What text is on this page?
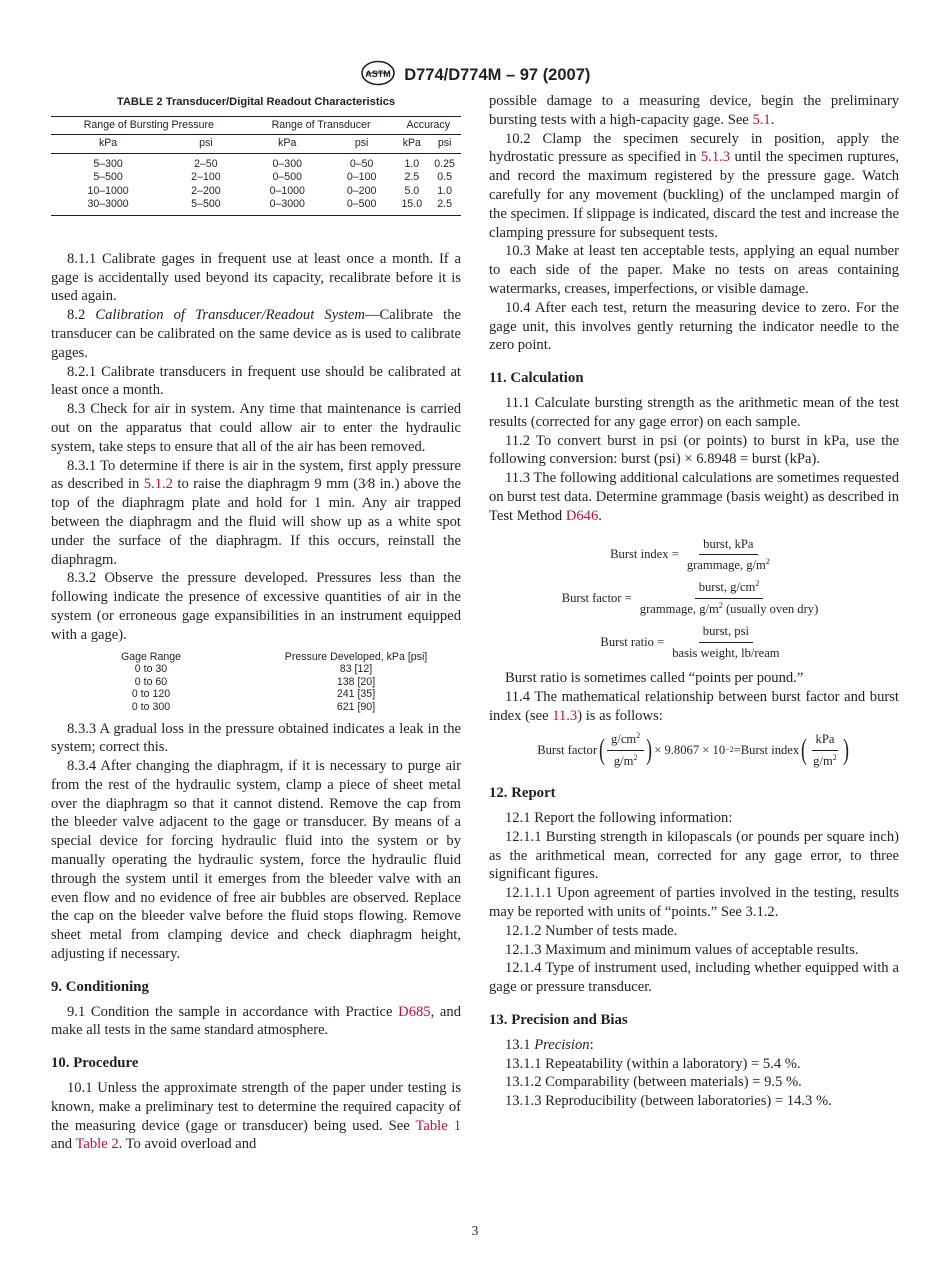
ASTM D774/D774M – 97 (2007)
TABLE 2 Transducer/Digital Readout Characteristics
Range of Bursting Pressure		Range of Transducer		Accuracy	
kPa	psi	kPa	psi	kPa	psi
5–300	2–50	0–300	0–50	1.0	0.25
5–500	2–100	0–500	0–100	2.5	0.5
10–1000	2–200	0–1000	0–200	5.0	1.0
30–3000	5–500	0–3000	0–500	15.0	2.5

8.1.1 Calibrate gages in frequent use at least once a month. If a gage is accidentally used beyond its capacity, recalibrate before it is used again.

8.2 Calibration of Transducer/Readout System—Calibrate the transducer can be calibrated on the same device as is used to calibrate gages.

8.2.1 Calibrate transducers in frequent use should be calibrated at least once a month.

8.3 Check for air in system. Any time that maintenance is carried out on the apparatus that could allow air to enter the hydraulic system, take steps to ensure that all of the air has been removed.

8.3.1 To determine if there is air in the system, first apply pressure as described in 5.1.2 to raise the diaphragm 9 mm (3⁄8 in.) above the top of the diaphragm plate and hold for 1 min. Any air trapped between the diaphragm and the fluid will show up as a white spot under the surface of the diaphragm. If this occurs, reinstall the diaphragm.

8.3.2 Observe the pressure developed. Pressures less than the following indicate the presence of excessive quantities of air in the system (or erroneous gage expansibilities in an instrument equipped with a gage).

Gage Range	Pressure Developed, kPa [psi]
0 to 30	83 [12]
0 to 60	138 [20]
0 to 120	241 [35]
0 to 300	621 [90]

8.3.3 A gradual loss in the pressure obtained indicates a leak in the system; correct this.

8.3.4 After changing the diaphragm, if it is necessary to purge air from the rest of the hydraulic system, clamp a piece of sheet metal over the diaphragm so that it cannot distend. Remove the cap from the bleeder valve adjacent to the gage or transducer. By means of a special device for forcing hydraulic fluid into the system or by manually operating the hydraulic system, force the hydraulic fluid through the system until it emerges from the bleeder valve with an even flow and no evidence of free air bubbles are observed. Replace the cap on the bleeder valve before the fluid stops flowing. Remove sheet metal from clamping device and check diaphragm height, adjusting if necessary.

9. Conditioning

9.1 Condition the sample in accordance with Practice D685, and make all tests in the same standard atmosphere.

10. Procedure

10.1 Unless the approximate strength of the paper under testing is known, make a preliminary test to determine the required capacity of the measuring device (gage or transducer) being used. See Table 1 and Table 2. To avoid overload and

possible damage to a measuring device, begin the preliminary bursting tests with a high-capacity gage. See 5.1.

10.2 Clamp the specimen securely in position, apply the hydrostatic pressure as specified in 5.1.3 until the specimen ruptures, and record the maximum registered by the pressure gage. Watch carefully for any movement (buckling) of the unclamped margin of the specimen. If slippage is indicated, discard the test and increase the clamping pressure for subsequent tests.

10.3 Make at least ten acceptable tests, applying an equal number to each side of the paper. Make no tests on areas containing watermarks, creases, imperfections, or visible damage.

10.4 After each test, return the measuring device to zero. For the gage unit, this involves gently returning the indicator needle to the zero point.

11. Calculation

11.1 Calculate bursting strength as the arithmetic mean of the test results (corrected for any gage error) on each sample.

11.2 To convert burst in psi (or points) to burst in kPa, use the following conversion: burst (psi) × 6.8948 = burst (kPa).

11.3 The following additional calculations are sometimes requested on burst test data. Determine grammage (basis weight) as described in Test Method D646.

Burst index = $\frac{\text{burst, kPa}}{grammage, g/m^2}$
Burst factor = $\frac{burst, g/cm^2}{grammage, g/m^2 (usually oven dry)}$
Burst ratio = $\frac{\text{burst, psi}}{\text{basis weight, lb/ream}}$

Burst ratio is sometimes called “points per pound.”

11.4 The mathematical relationship between burst factor and burst index (see 11.3) is as follows:

Burst factor ( $\frac{g/cm^2}{g/m^2}$ ) × 9.8067 × 10 −2 = Burst index ( $\frac{\text{kPa}}{g/m^2}$ )
12. Report

12.1 Report the following information:

12.1.1 Bursting strength in kilopascals (or pounds per square inch) as the arithmetical mean, corrected for any gage error, to three significant figures.

12.1.1.1 Upon agreement of parties involved in the testing, results may be reported with units of “points.” See 3.1.2.

12.1.2 Number of tests made.

12.1.3 Maximum and minimum values of acceptable results.

12.1.4 Type of instrument used, including whether equipped with a gage or pressure transducer.

13. Precision and Bias

13.1 Precision:

13.1.1 Repeatability (within a laboratory) = 5.4 %.

13.1.2 Comparability (between materials) = 9.5 %.

13.1.3 Reproducibility (between laboratories) = 14.3 %.

3
